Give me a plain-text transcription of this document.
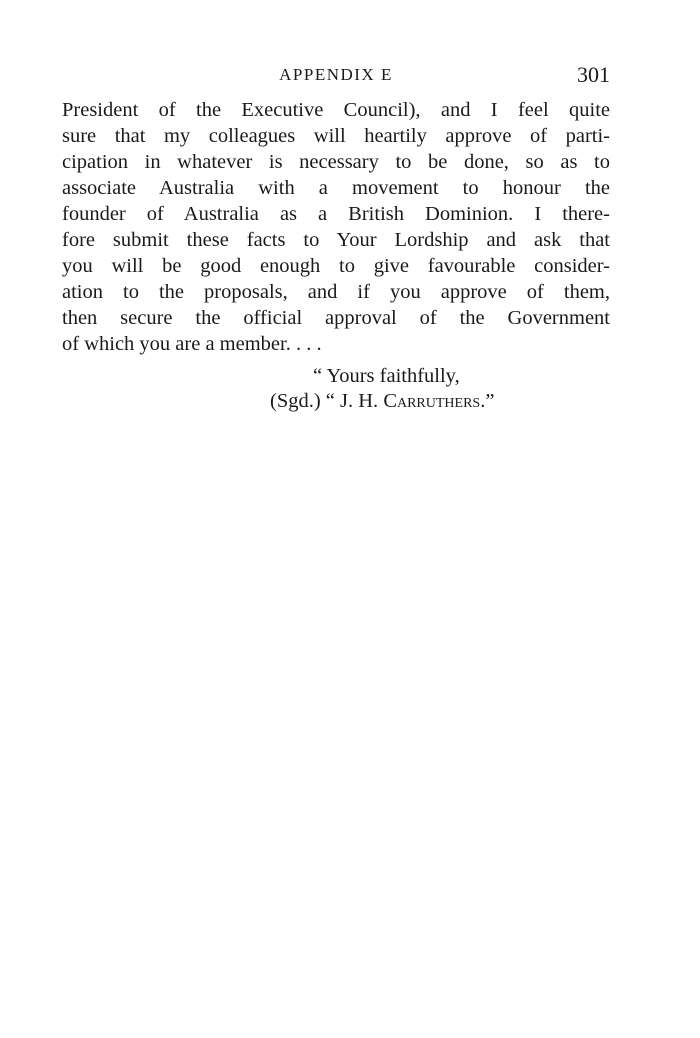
APPENDIX E	301
President of the Executive Council), and I feel quite
sure that my colleagues will heartily approve of parti-
cipation in whatever is necessary to be done, so as to
associate Australia with a movement to honour the
founder of Australia as a British Dominion. I there-
fore submit these facts to Your Lordship and ask that
you will be good enough to give favourable consider-
ation to the proposals, and if you approve of them,
then secure the official approval of the Government
of which you are a member. . . .
“ Yours faithfully,
(Sgd.) “ J. H. Carruthers.”
